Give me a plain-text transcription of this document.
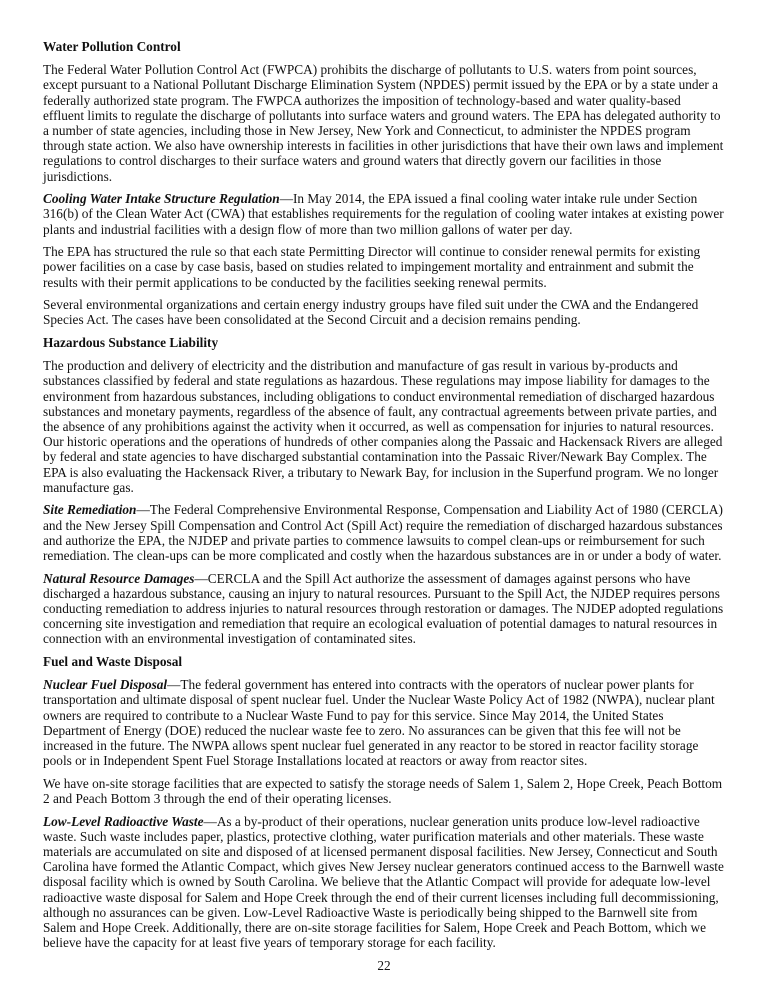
Water Pollution Control
The Federal Water Pollution Control Act (FWPCA) prohibits the discharge of pollutants to U.S. waters from point sources,
except pursuant to a National Pollutant Discharge Elimination System (NPDES) permit issued by the EPA or by a state under a
federally authorized state program. The FWPCA authorizes the imposition of technology-based and water quality-based
effluent limits to regulate the discharge of pollutants into surface waters and ground waters. The EPA has delegated authority to
a number of state agencies, including those in New Jersey, New York and Connecticut, to administer the NPDES program
through state action. We also have ownership interests in facilities in other jurisdictions that have their own laws and implement
regulations to control discharges to their surface waters and ground waters that directly govern our facilities in those
jurisdictions.
Cooling Water Intake Structure Regulation—In May 2014, the EPA issued a final cooling water intake rule under Section
316(b) of the Clean Water Act (CWA) that establishes requirements for the regulation of cooling water intakes at existing power
plants and industrial facilities with a design flow of more than two million gallons of water per day.
The EPA has structured the rule so that each state Permitting Director will continue to consider renewal permits for existing
power facilities on a case by case basis, based on studies related to impingement mortality and entrainment and submit the
results with their permit applications to be conducted by the facilities seeking renewal permits.
Several environmental organizations and certain energy industry groups have filed suit under the CWA and the Endangered
Species Act. The cases have been consolidated at the Second Circuit and a decision remains pending.
Hazardous Substance Liability
The production and delivery of electricity and the distribution and manufacture of gas result in various by-products and
substances classified by federal and state regulations as hazardous. These regulations may impose liability for damages to the
environment from hazardous substances, including obligations to conduct environmental remediation of discharged hazardous
substances and monetary payments, regardless of the absence of fault, any contractual agreements between private parties, and
the absence of any prohibitions against the activity when it occurred, as well as compensation for injuries to natural resources.
Our historic operations and the operations of hundreds of other companies along the Passaic and Hackensack Rivers are alleged
by federal and state agencies to have discharged substantial contamination into the Passaic River/Newark Bay Complex. The
EPA is also evaluating the Hackensack River, a tributary to Newark Bay, for inclusion in the Superfund program. We no longer
manufacture gas.
Site Remediation—The Federal Comprehensive Environmental Response, Compensation and Liability Act of 1980 (CERCLA)
and the New Jersey Spill Compensation and Control Act (Spill Act) require the remediation of discharged hazardous substances
and authorize the EPA, the NJDEP and private parties to commence lawsuits to compel clean-ups or reimbursement for such
remediation. The clean-ups can be more complicated and costly when the hazardous substances are in or under a body of water.
Natural Resource Damages—CERCLA and the Spill Act authorize the assessment of damages against persons who have
discharged a hazardous substance, causing an injury to natural resources. Pursuant to the Spill Act, the NJDEP requires persons
conducting remediation to address injuries to natural resources through restoration or damages. The NJDEP adopted regulations
concerning site investigation and remediation that require an ecological evaluation of potential damages to natural resources in
connection with an environmental investigation of contaminated sites.
Fuel and Waste Disposal
Nuclear Fuel Disposal—The federal government has entered into contracts with the operators of nuclear power plants for
transportation and ultimate disposal of spent nuclear fuel. Under the Nuclear Waste Policy Act of 1982 (NWPA), nuclear plant
owners are required to contribute to a Nuclear Waste Fund to pay for this service. Since May 2014, the United States
Department of Energy (DOE) reduced the nuclear waste fee to zero. No assurances can be given that this fee will not be
increased in the future. The NWPA allows spent nuclear fuel generated in any reactor to be stored in reactor facility storage
pools or in Independent Spent Fuel Storage Installations located at reactors or away from reactor sites.
We have on-site storage facilities that are expected to satisfy the storage needs of Salem 1, Salem 2, Hope Creek, Peach Bottom
2 and Peach Bottom 3 through the end of their operating licenses.
Low-Level Radioactive Waste—As a by-product of their operations, nuclear generation units produce low-level radioactive
waste. Such waste includes paper, plastics, protective clothing, water purification materials and other materials. These waste
materials are accumulated on site and disposed of at licensed permanent disposal facilities. New Jersey, Connecticut and South
Carolina have formed the Atlantic Compact, which gives New Jersey nuclear generators continued access to the Barnwell waste
disposal facility which is owned by South Carolina. We believe that the Atlantic Compact will provide for adequate low-level
radioactive waste disposal for Salem and Hope Creek through the end of their current licenses including full decommissioning,
although no assurances can be given. Low-Level Radioactive Waste is periodically being shipped to the Barnwell site from
Salem and Hope Creek. Additionally, there are on-site storage facilities for Salem, Hope Creek and Peach Bottom, which we
believe have the capacity for at least five years of temporary storage for each facility.
22
